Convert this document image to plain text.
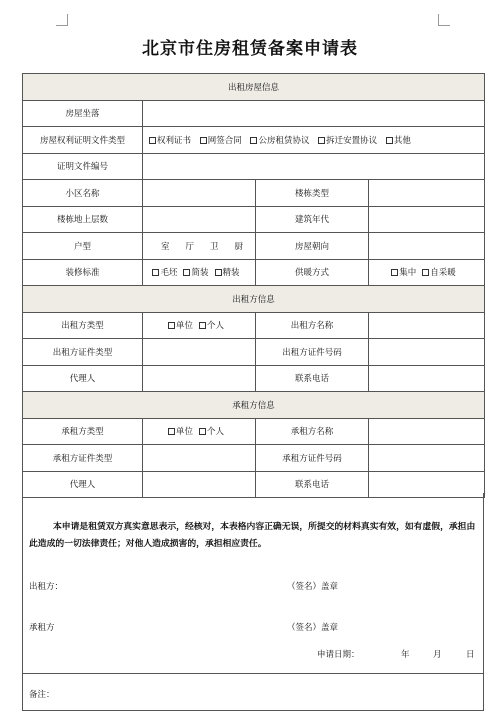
北京市住房租赁备案申请表
出租房屋信息			
房屋坐落			
房屋权利证明文件类型	权利证书 网签合同 公房租赁协议 拆迁安置协议 其他		
证明文件编号			
小区名称		楼栋类型	
楼栋地上层数		建筑年代	
户型	室 厅 卫 厨	房屋朝向	
装修标准	毛坯 简装 精装	供暖方式	集中 自采暖
出租方信息			
出租方类型	单位 个人	出租方名称	
出租方证件类型		出租方证件号码	
代理人		联系电话	
承租方信息			
承租方类型	单位 个人	承租方名称	
承租方证件类型		承租方证件号码	
代理人		联系电话	
本申请是租赁双方真实意思表示，经核对，本表格内容正确无误，所提交的材料真实有效，如有虚假，承担由此造成的一切法律责任；对他人造成损害的，承担相应责任。
出租方：	（签名）盖章
承租方	（签名）盖章
申请日期：	年	月	日
备注：
